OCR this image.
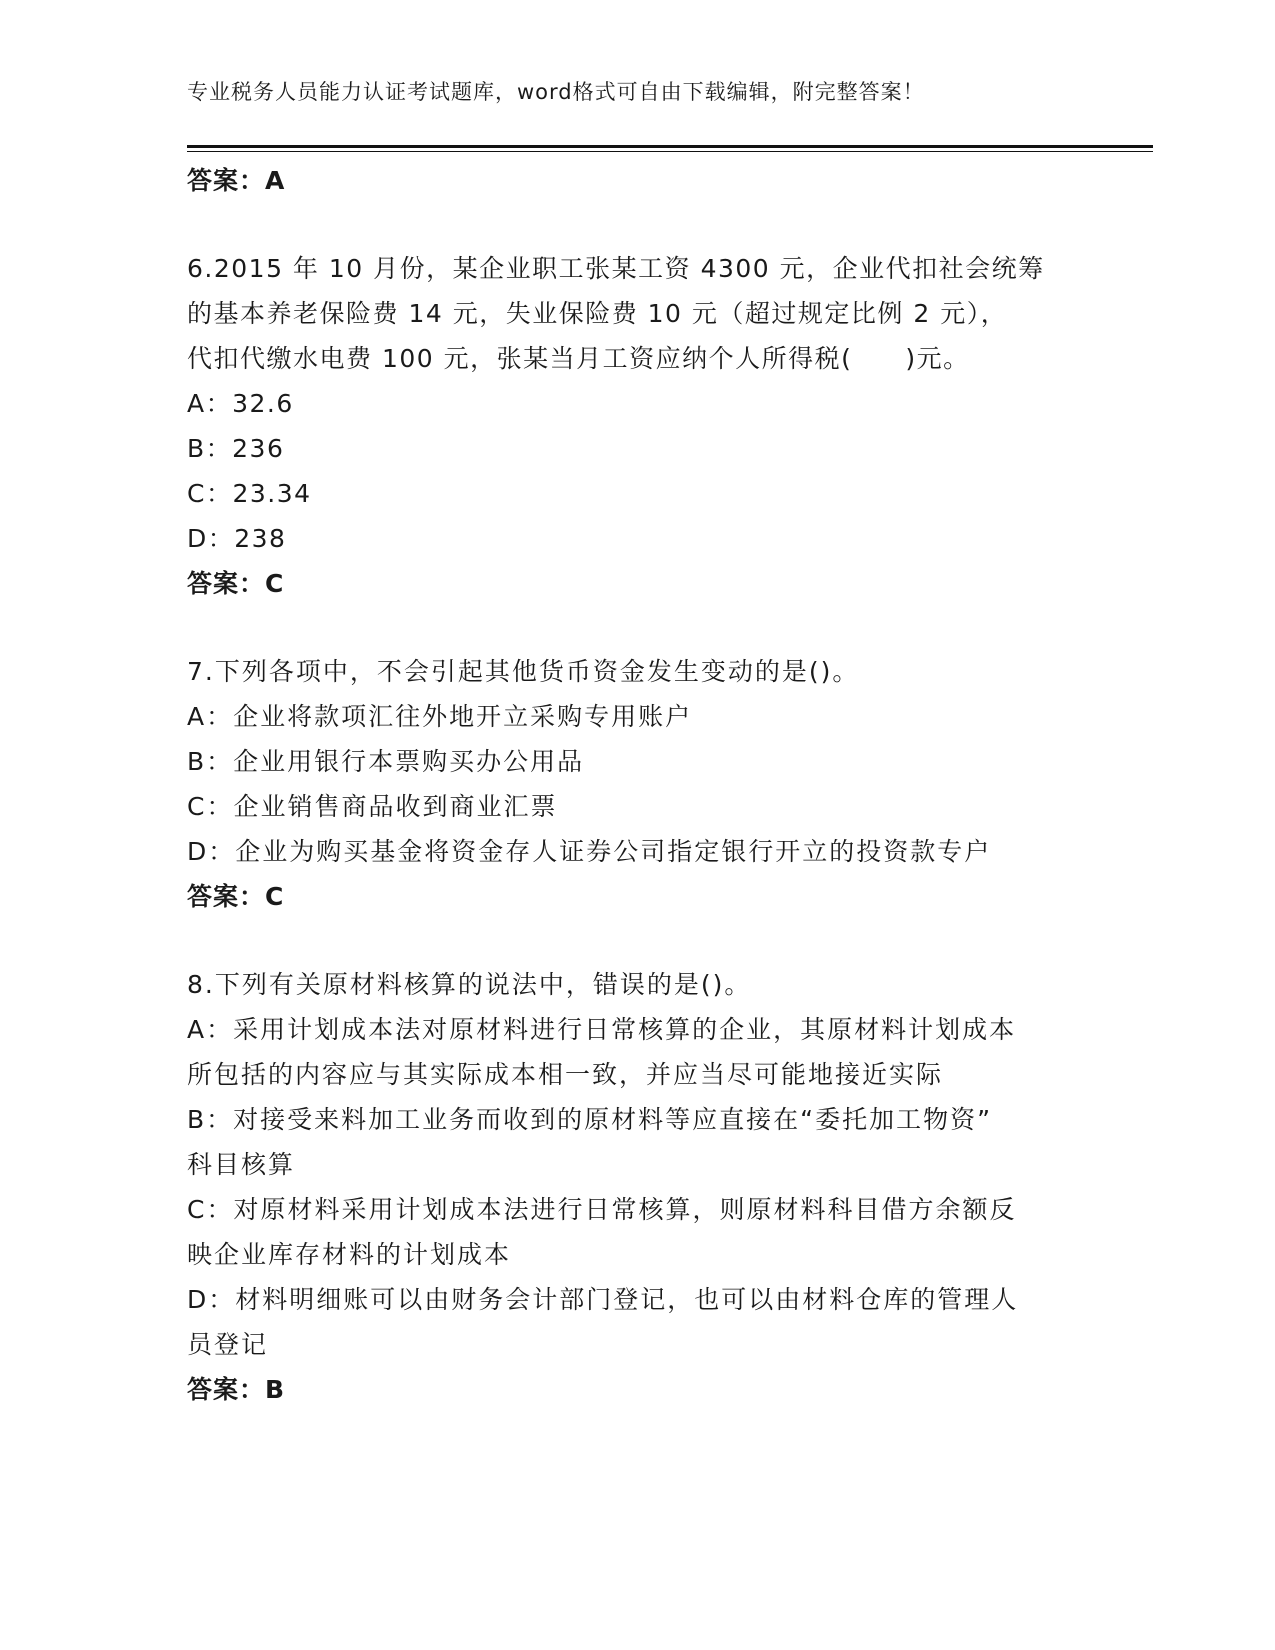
专业税务人员能力认证考试题库，word格式可自由下载编辑，附完整答案！
答案：A
6.2015 年 10 月份，某企业职工张某工资 4300 元，企业代扣社会统筹
的基本养老保险费 14 元，失业保险费 10 元（超过规定比例 2 元），
代扣代缴水电费 100 元，张某当月工资应纳个人所得税(　　)元。
A：32.6
B：236
C：23.34
D：238
答案：C
7.下列各项中，不会引起其他货币资金发生变动的是()。
A：企业将款项汇往外地开立采购专用账户
B：企业用银行本票购买办公用品
C：企业销售商品收到商业汇票
D：企业为购买基金将资金存人证券公司指定银行开立的投资款专户
答案：C
8.下列有关原材料核算的说法中，错误的是()。
A：采用计划成本法对原材料进行日常核算的企业，其原材料计划成本
所包括的内容应与其实际成本相一致，并应当尽可能地接近实际
B：对接受来料加工业务而收到的原材料等应直接在“委托加工物资”
科目核算
C：对原材料采用计划成本法进行日常核算，则原材料科目借方余额反
映企业库存材料的计划成本
D：材料明细账可以由财务会计部门登记，也可以由材料仓库的管理人
员登记
答案：B
